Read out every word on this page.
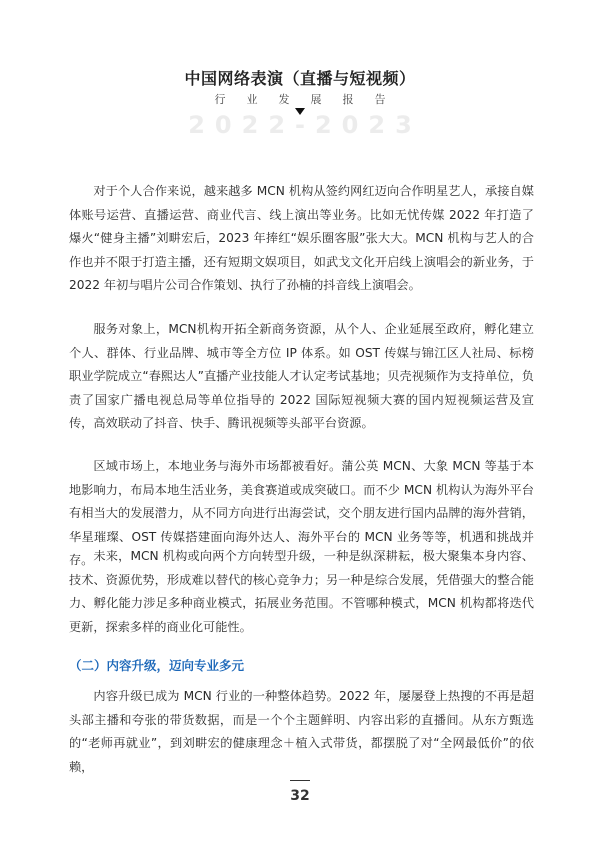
中国网络表演（直播与短视频）
行业发展报告
2022-2023

对于个人合作来说，越来越多 MCN 机构从签约网红迈向合作明星艺人，承接自媒体账号运营、直播运营、商业代言、线上演出等业务。比如无忧传媒 2022 年打造了爆火“健身主播”刘畊宏后，2023 年捧红“娱乐圈客服”张大大。MCN 机构与艺人的合作也并不限于打造主播，还有短期文娱项目，如武戈文化开启线上演唱会的新业务，于 2022 年初与唱片公司合作策划、执行了孙楠的抖音线上演唱会。

服务对象上，MCN机构开拓全新商务资源，从个人、企业延展至政府，孵化建立个人、群体、行业品牌、城市等全方位 IP 体系。如 OST 传媒与锦江区人社局、标榜职业学院成立“春熙达人”直播产业技能人才认定考试基地；贝壳视频作为支持单位，负责了国家广播电视总局等单位指导的 2022 国际短视频大赛的国内短视频运营及宣传，高效联动了抖音、快手、腾讯视频等头部平台资源。

区域市场上，本地业务与海外市场都被看好。蒲公英 MCN、大象 MCN 等基于本地影响力，布局本地生活业务，美食赛道或成突破口。而不少 MCN 机构认为海外平台有相当大的发展潜力，从不同方向进行出海尝试，交个朋友进行国内品牌的海外营销，华星璀璨、OST 传媒搭建面向海外达人、海外平台的 MCN 业务等等，机遇和挑战并存。 未来，MCN 机构或向两个方向转型升级，一种是纵深耕耘，极大聚集本身内容、技术、资源优势，形成难以替代的核心竞争力；另一种是综合发展，凭借强大的整合能力、孵化能力涉足多种商业模式，拓展业务范围。不管哪种模式，MCN 机构都将迭代更新，探索多样的商业化可能性。

内容升级已成为 MCN 行业的一种整体趋势。2022 年，屡屡登上热搜的不再是超头部主播和夸张的带货数据，而是一个个主题鲜明、内容出彩的直播间。从东方甄选的“老师再就业”，到刘畊宏的健康理念＋植入式带货，都摆脱了对“全网最低价”的依赖，

（二）内容升级，迈向专业多元
32
